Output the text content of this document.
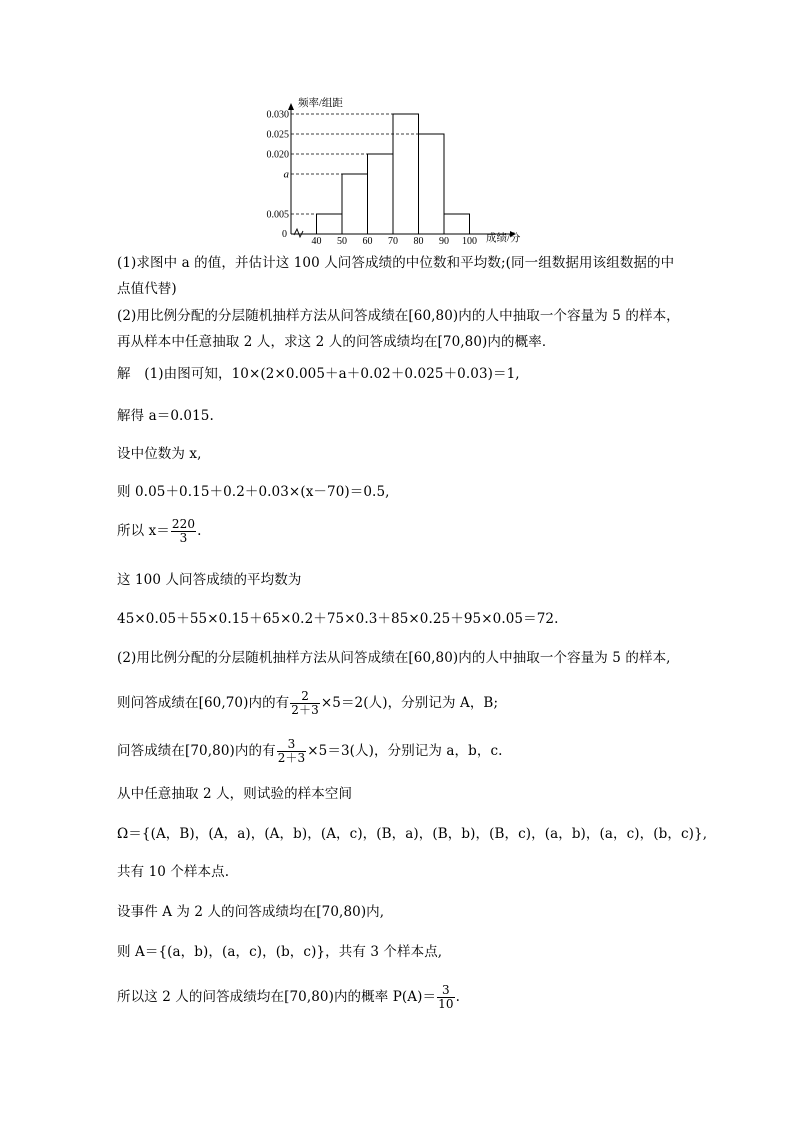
频率/组距
成绩/分
0
40 50 60 70 80 90 100
0.030
0.025
0.020
a
0.005
(1)求图中 a 的值，并估计这 100 人问答成绩的中位数和平均数;(同一组数据用该组数据的中
点值代替)
(2)用比例分配的分层随机抽样方法从问答成绩在[60,80)内的人中抽取一个容量为 5 的样本，
再从样本中任意抽取 2 人，求这 2 人的问答成绩均在[70,80)内的概率．
解　(1)由图可知，10×(2×0.005＋a＋0.02＋0.025＋0.03)＝1,
解得 a＝0.015.
设中位数为 x,
则 0.05＋0.15＋0.2＋0.03×(x－70)＝0.5,
所以 $x= \frac{220}{3}$ .
这 100 人问答成绩的平均数为
45×0.05＋55×0.15＋65×0.2＋75×0.3＋85×0.25＋95×0.05＝72.
(2)用比例分配的分层随机抽样方法从问答成绩在[60,80)内的人中抽取一个容量为 5 的样本,
则问答成绩在[60,70)内的有 $\frac{2}{2+3} \times 5=2$(人)，分别记为 A，B;
问答成绩在[70,80)内的有 $\frac{3}{2+3} \times 5=3$(人)，分别记为 a，b，c.
从中任意抽取 2 人，则试验的样本空间
Ω＝{(A，B)，(A，a)，(A，b)，(A，c)，(B，a)，(B，b)，(B，c)，(a，b)，(a，c)，(b，c)},
共有 10 个样本点.
设事件 A 为 2 人的问答成绩均在[70,80)内,
则 A＝{(a，b)，(a，c)，(b，c)}，共有 3 个样本点,
所以这 2 人的问答成绩均在[70,80)内的概率 $P(A)= \frac{3}{10}$ .
